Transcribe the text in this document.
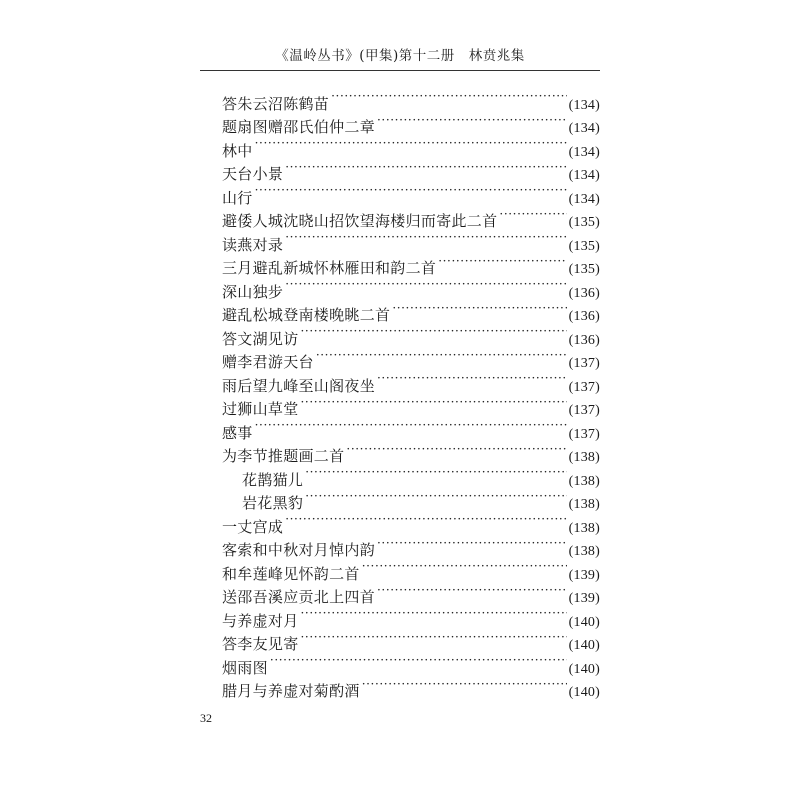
《温岭丛书》(甲集)第十二册　林贲兆集
答朱云沼陈鹤苗 ·····	(134)
题扇图赠邵氏伯仲二章 ·····	(134)
林中 ·····	(134)
天台小景 ·····	(134)
山行 ·····	(134)
避倭人城沈晓山招饮望海楼归而寄此二首 ·····	(135)
读燕对录 ·····	(135)
三月避乱新城怀林雁田和韵二首 ·····	(135)
深山独步 ·····	(136)
避乱松城登南楼晚眺二首 ·····	(136)
答文湖见访 ·····	(136)
赠李君游天台 ·····	(137)
雨后望九峰至山阁夜坐 ·····	(137)
过狮山草堂 ·····	(137)
感事 ·····	(137)
为李节推题画二首 ·····	(138)
花鹊猫儿 ·····	(138)
岩花黑豹 ·····	(138)
一丈宫成 ·····	(138)
客索和中秋对月悼内韵 ·····	(138)
和牟莲峰见怀韵二首 ·····	(139)
送邵吾溪应贡北上四首 ·····	(139)
与养虚对月 ·····	(140)
答李友见寄 ·····	(140)
烟雨图 ·····	(140)
腊月与养虚对菊酌酒 ·····	(140)
32
